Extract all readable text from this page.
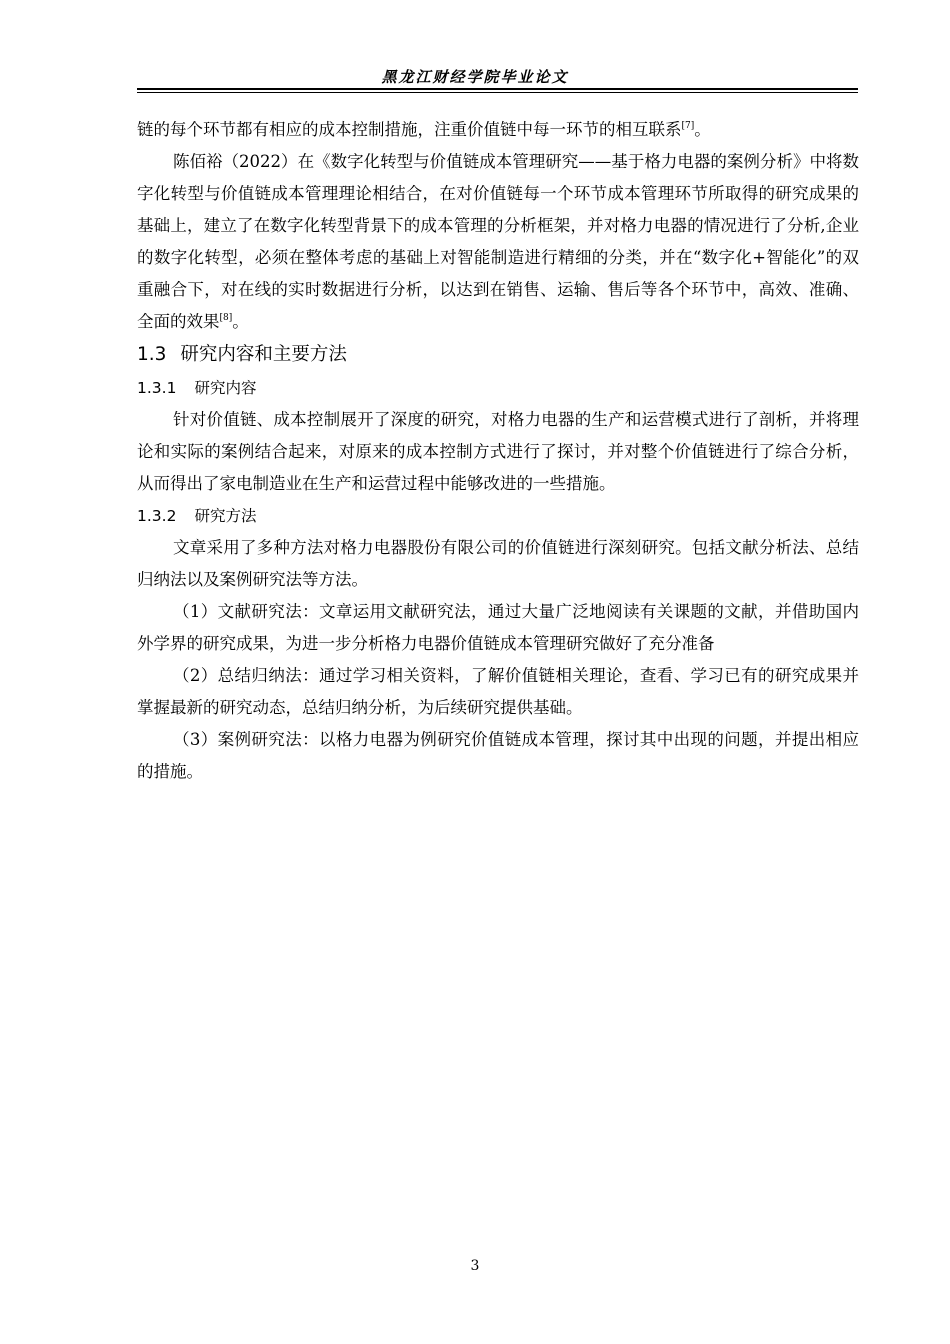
黑龙江财经学院毕业论文

链的每个环节都有相应的成本控制措施，注重价值链中每一环节的相互联系[7]。

陈佰裕（2022）在《数字化转型与价值链成本管理研究——基于格力电器的案例分析》中将数字化转型与价值链成本管理理论相结合，在对价值链每一个环节成本管理环节所取得的研究成果的基础上，建立了在数字化转型背景下的成本管理的分析框架，并对格力电器的情况进行了分析,企业的数字化转型，必须在整体考虑的基础上对智能制造进行精细的分类，并在“数字化+智能化”的双重融合下，对在线的实时数据进行分析，以达到在销售、运输、售后等各个环节中，高效、准确、全面的效果[8]。

1.3 研究内容和主要方法
1.3.1 研究内容

针对价值链、成本控制展开了深度的研究，对格力电器的生产和运营模式进行了剖析，并将理论和实际的案例结合起来，对原来的成本控制方式进行了探讨，并对整个价值链进行了综合分析，从而得出了家电制造业在生产和运营过程中能够改进的一些措施。

1.3.2 研究方法

文章采用了多种方法对格力电器股份有限公司的价值链进行深刻研究。包括文献分析法、总结归纳法以及案例研究法等方法。

（1）文献研究法：文章运用文献研究法，通过大量广泛地阅读有关课题的文献，并借助国内外学界的研究成果，为进一步分析格力电器价值链成本管理研究做好了充分准备

（2）总结归纳法：通过学习相关资料，了解价值链相关理论，查看、学习已有的研究成果并掌握最新的研究动态，总结归纳分析，为后续研究提供基础。

（3）案例研究法：以格力电器为例研究价值链成本管理，探讨其中出现的问题，并提出相应的措施。

3
